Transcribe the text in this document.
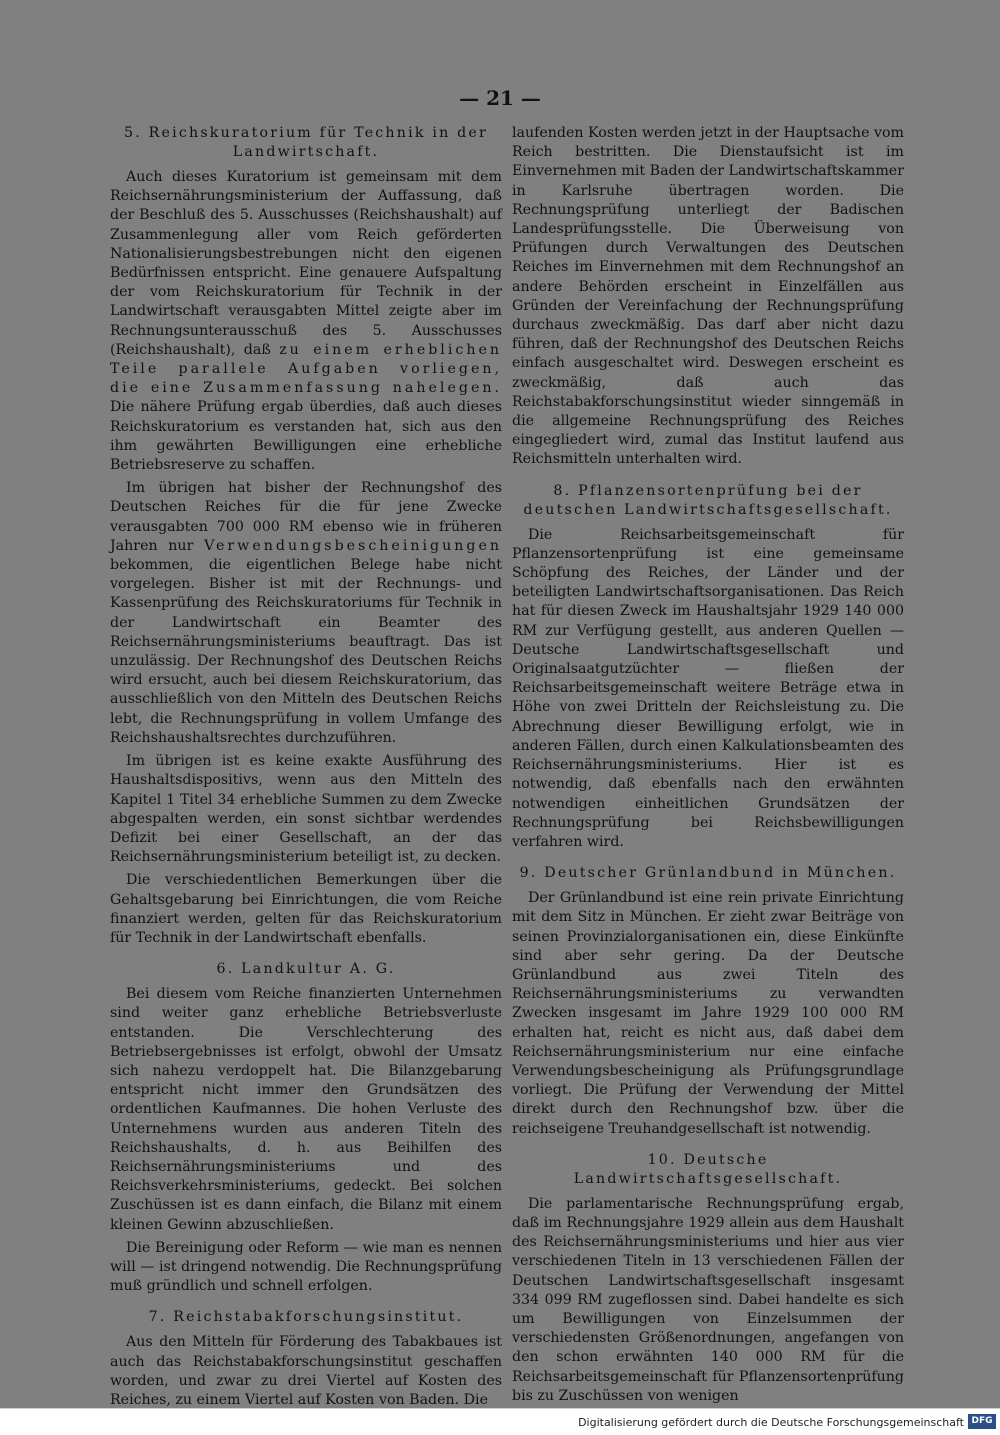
— 21 —
5. Reichskuratorium für Technik in der Landwirtschaft.

Auch dieses Kuratorium ist gemeinsam mit dem Reichsernährungsministerium der Auffassung, daß der Beschluß des 5. Ausschusses (Reichshaushalt) auf Zusammenlegung aller vom Reich geförderten Nationalisierungsbestrebungen nicht den eigenen Bedürfnissen entspricht. Eine genauere Aufspaltung der vom Reichskuratorium für Technik in der Landwirtschaft verausgabten Mittel zeigte aber im Rechnungsunterausschuß des 5. Ausschusses (Reichshaushalt), daß zu einem erheblichen Teile parallele Aufgaben vorliegen, die eine Zusammenfassung nahelegen. Die nähere Prüfung ergab überdies, daß auch dieses Reichskuratorium es verstanden hat, sich aus den ihm gewährten Bewilligungen eine erhebliche Betriebsreserve zu schaffen.

Im übrigen hat bisher der Rechnungshof des Deutschen Reiches für die für jene Zwecke verausgabten 700 000 RM ebenso wie in früheren Jahren nur Verwendungsbescheinigungen bekommen, die eigentlichen Belege habe nicht vorgelegen. Bisher ist mit der Rechnungs- und Kassenprüfung des Reichskuratoriums für Technik in der Landwirtschaft ein Beamter des Reichsernährungsministeriums beauftragt. Das ist unzulässig. Der Rechnungshof des Deutschen Reichs wird ersucht, auch bei diesem Reichskuratorium, das ausschließlich von den Mitteln des Deutschen Reichs lebt, die Rechnungsprüfung in vollem Umfange des Reichshaushaltsrechtes durchzuführen.

Im übrigen ist es keine exakte Ausführung des Haushaltsdispositivs, wenn aus den Mitteln des Kapitel 1 Titel 34 erhebliche Summen zu dem Zwecke abgespalten werden, ein sonst sichtbar werdendes Defizit bei einer Gesellschaft, an der das Reichsernährungsministerium beteiligt ist, zu decken.

Die verschiedentlichen Bemerkungen über die Gehaltsgebarung bei Einrichtungen, die vom Reiche finanziert werden, gelten für das Reichskuratorium für Technik in der Landwirtschaft ebenfalls.

6. Landkultur A. G.

Bei diesem vom Reiche finanzierten Unternehmen sind weiter ganz erhebliche Betriebsverluste entstanden. Die Verschlechterung des Betriebsergebnisses ist erfolgt, obwohl der Umsatz sich nahezu verdoppelt hat. Die Bilanzgebarung entspricht nicht immer den Grundsätzen des ordentlichen Kaufmannes. Die hohen Verluste des Unternehmens wurden aus anderen Titeln des Reichshaushalts, d. h. aus Beihilfen des Reichsernährungsministeriums und des Reichsverkehrsministeriums, gedeckt. Bei solchen Zuschüssen ist es dann einfach, die Bilanz mit einem kleinen Gewinn abzuschließen.

Die Bereinigung oder Reform — wie man es nennen will — ist dringend notwendig. Die Rechnungsprüfung muß gründlich und schnell erfolgen.

7. Reichstabakforschungsinstitut.

Aus den Mitteln für Förderung des Tabakbaues ist auch das Reichstabakforschungsinstitut geschaffen worden, und zwar zu drei Viertel auf Kosten des Reiches, zu einem Viertel auf Kosten von Baden. Die

laufenden Kosten werden jetzt in der Hauptsache vom Reich bestritten. Die Dienstaufsicht ist im Einvernehmen mit Baden der Landwirtschaftskammer in Karlsruhe übertragen worden. Die Rechnungsprüfung unterliegt der Badischen Landesprüfungsstelle. Die Überweisung von Prüfungen durch Verwaltungen des Deutschen Reiches im Einvernehmen mit dem Rechnungshof an andere Behörden erscheint in Einzelfällen aus Gründen der Vereinfachung der Rechnungsprüfung durchaus zweckmäßig. Das darf aber nicht dazu führen, daß der Rechnungshof des Deutschen Reichs einfach ausgeschaltet wird. Deswegen erscheint es zweckmäßig, daß auch das Reichstabakforschungsinstitut wieder sinngemäß in die allgemeine Rechnungsprüfung des Reiches eingegliedert wird, zumal das Institut laufend aus Reichsmitteln unterhalten wird.

8. Pflanzensortenprüfung bei der deutschen Landwirtschaftsgesellschaft.

Die Reichsarbeitsgemeinschaft für Pflanzensortenprüfung ist eine gemeinsame Schöpfung des Reiches, der Länder und der beteiligten Landwirtschaftsorganisationen. Das Reich hat für diesen Zweck im Haushaltsjahr 1929 140 000 RM zur Verfügung gestellt, aus anderen Quellen — Deutsche Landwirtschaftsgesellschaft und Originalsaatgutzüchter — fließen der Reichsarbeitsgemeinschaft weitere Beträge etwa in Höhe von zwei Dritteln der Reichsleistung zu. Die Abrechnung dieser Bewilligung erfolgt, wie in anderen Fällen, durch einen Kalkulationsbeamten des Reichsernährungsministeriums. Hier ist es notwendig, daß ebenfalls nach den erwähnten notwendigen einheitlichen Grundsätzen der Rechnungsprüfung bei Reichsbewilligungen verfahren wird.

9. Deutscher Grünlandbund in München.

Der Grünlandbund ist eine rein private Einrichtung mit dem Sitz in München. Er zieht zwar Beiträge von seinen Provinzialorganisationen ein, diese Einkünfte sind aber sehr gering. Da der Deutsche Grünlandbund aus zwei Titeln des Reichsernährungsministeriums zu verwandten Zwecken insgesamt im Jahre 1929 100 000 RM erhalten hat, reicht es nicht aus, daß dabei dem Reichsernährungsministerium nur eine einfache Verwendungsbescheinigung als Prüfungsgrundlage vorliegt. Die Prüfung der Verwendung der Mittel direkt durch den Rechnungshof bzw. über die reichseigene Treuhandgesellschaft ist notwendig.

10. Deutsche Landwirtschaftsgesellschaft.

Die parlamentarische Rechnungsprüfung ergab, daß im Rechnungsjahre 1929 allein aus dem Haushalt des Reichsernährungsministeriums und hier aus vier verschiedenen Titeln in 13 verschiedenen Fällen der Deutschen Landwirtschaftsgesellschaft insgesamt 334 099 RM zugeflossen sind. Dabei handelte es sich um Bewilligungen von Einzelsummen der verschiedensten Größenordnungen, angefangen von den schon erwähnten 140 000 RM für die Reichsarbeitsgemeinschaft für Pflanzensortenprüfung bis zu Zuschüssen von wenigen

Digitalisierung gefördert durch die Deutsche Forschungsgemeinschaft DFG
